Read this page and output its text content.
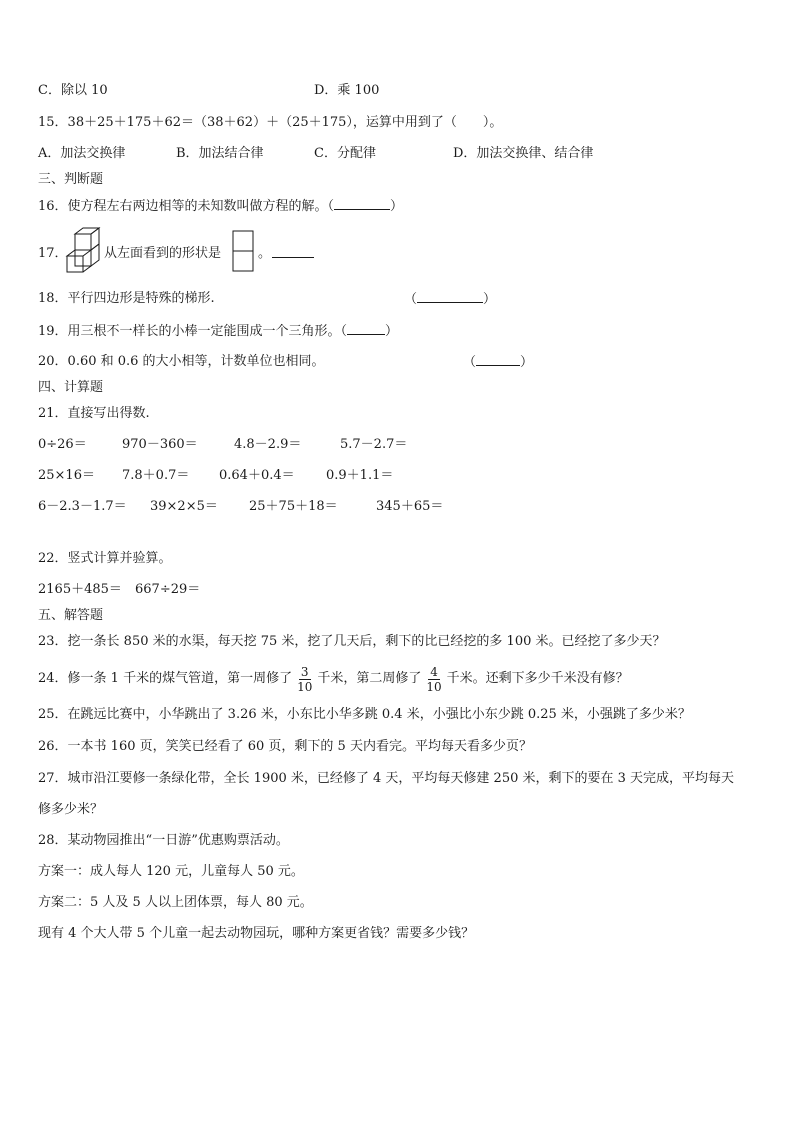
C．除以 10	D．乘 100
15．38＋25＋175＋62＝（38＋62）＋（25＋175），运算中用到了（　　）。
A．加法交换律	B．加法结合律	C．分配律	D．加法交换律、结合律
三、判断题
16．使方程左右两边相等的未知数叫做方程的解。（	）
17．	从左面看到的形状是	。
18．平行四边形是特殊的梯形.	（	）
19．用三根不一样长的小棒一定能围成一个三角形。（	）
20．0.60 和 0.6 的大小相等，计数单位也相同。	（	）
四、计算题
21．直接写出得数.
0÷26＝	970－360＝	4.8－2.9＝	5.7－2.7＝
25×16＝ 7.8＋0.7＝ 0.64＋0.4＝ 0.9＋1.1＝
6－2.3－1.7＝ 39×2×5＝ 25＋75＋18＝	345＋65＝
22．竖式计算并验算。
2165＋485＝ 667÷29＝
五、解答题
23．挖一条长 850 米的水渠，每天挖 75 米，挖了几天后，剩下的比已经挖的多 100 米。已经挖了多少天？
24．修一条 1 千米的煤气管道，第一周修了 $\frac{3}{10}$ 千米，第二周修了 $\frac{4}{10}$ 千米。还剩下多少千米没有修？
25．在跳远比赛中，小华跳出了 3.26 米，小东比小华多跳 0.4 米，小强比小东少跳 0.25 米，小强跳了多少米？
26．一本书 160 页，笑笑已经看了 60 页，剩下的 5 天内看完。平均每天看多少页？
27．城市沿江要修一条绿化带，全长 1900 米，已经修了 4 天，平均每天修建 250 米，剩下的要在 3 天完成，平均每天
修多少米？
28．某动物园推出“一日游”优惠购票活动。
方案一：成人每人 120 元，儿童每人 50 元。
方案二：5 人及 5 人以上团体票，每人 80 元。
现有 4 个大人带 5 个儿童一起去动物园玩，哪种方案更省钱？需要多少钱？
